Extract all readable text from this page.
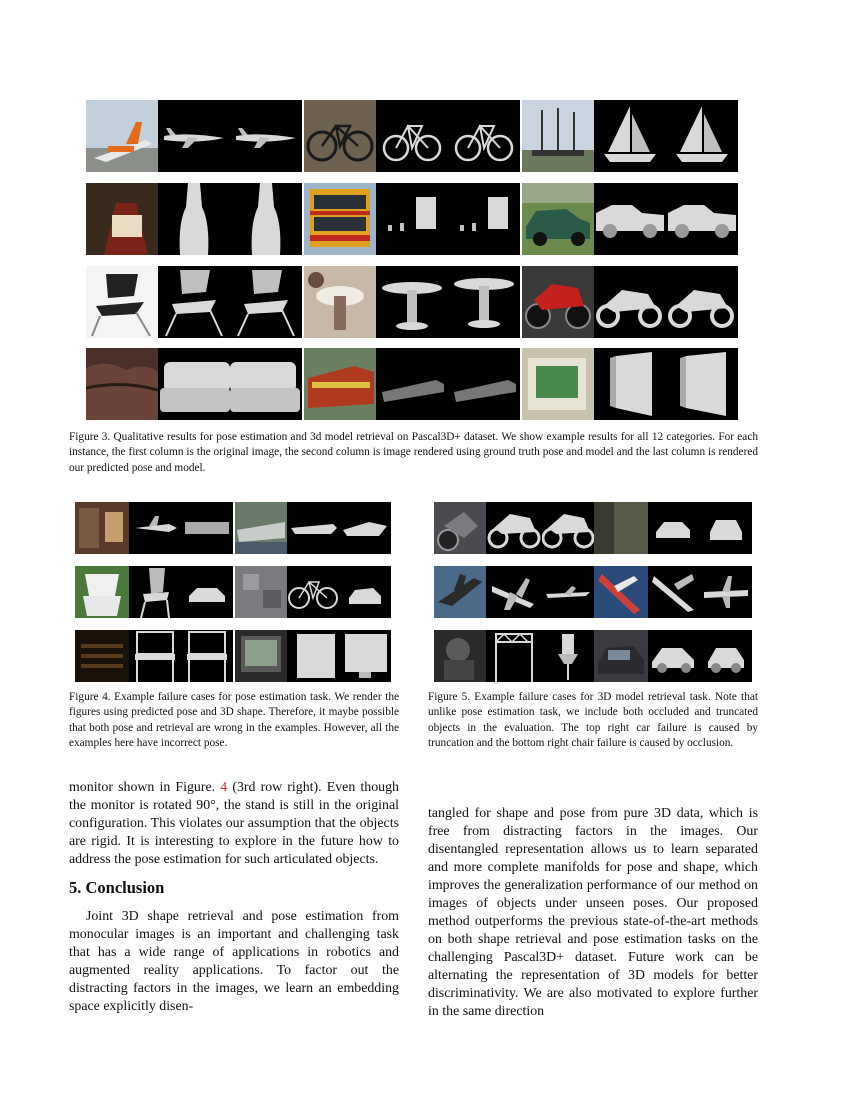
Figure 3. Qualitative results for pose estimation and 3d model retrieval on Pascal3D+ dataset. We show example results for all 12 categories. For each instance, the first column is the original image, the second column is image rendered using ground truth pose and model and the last column is rendered our predicted pose and model.
Figure 4. Example failure cases for pose estimation task. We render the figures using predicted pose and 3D shape. Therefore, it maybe possible that both pose and retrieval are wrong in the examples. However, all the examples here have incorrect pose.
Figure 5. Example failure cases for 3D model retrieval task. Note that unlike pose estimation task, we include both occluded and truncated objects in the evaluation. The top right car failure is caused by truncation and the bottom right chair failure is caused by occlusion.

monitor shown in Figure. 4 (3rd row right). Even though the monitor is rotated 90°, the stand is still in the original configuration. This violates our assumption that the objects are rigid. It is interesting to explore in the future how to address the pose estimation for such articulated objects.

5. Conclusion

Joint 3D shape retrieval and pose estimation from monocular images is an important and challenging task that has a wide range of applications in robotics and augmented reality applications. To factor out the distracting factors in the images, we learn an embedding space explicitly disen-

tangled for shape and pose from pure 3D data, which is free from distracting factors in the images. Our disentangled representation allows us to learn separated and more complete manifolds for pose and shape, which improves the generalization performance of our method on images of objects under unseen poses. Our proposed method outperforms the previous state-of-the-art methods on both shape retrieval and pose estimation tasks on the challenging Pascal3D+ dataset. Future work can be alternating the representation of 3D models for better discriminativity. We are also motivated to explore further in the same direction
